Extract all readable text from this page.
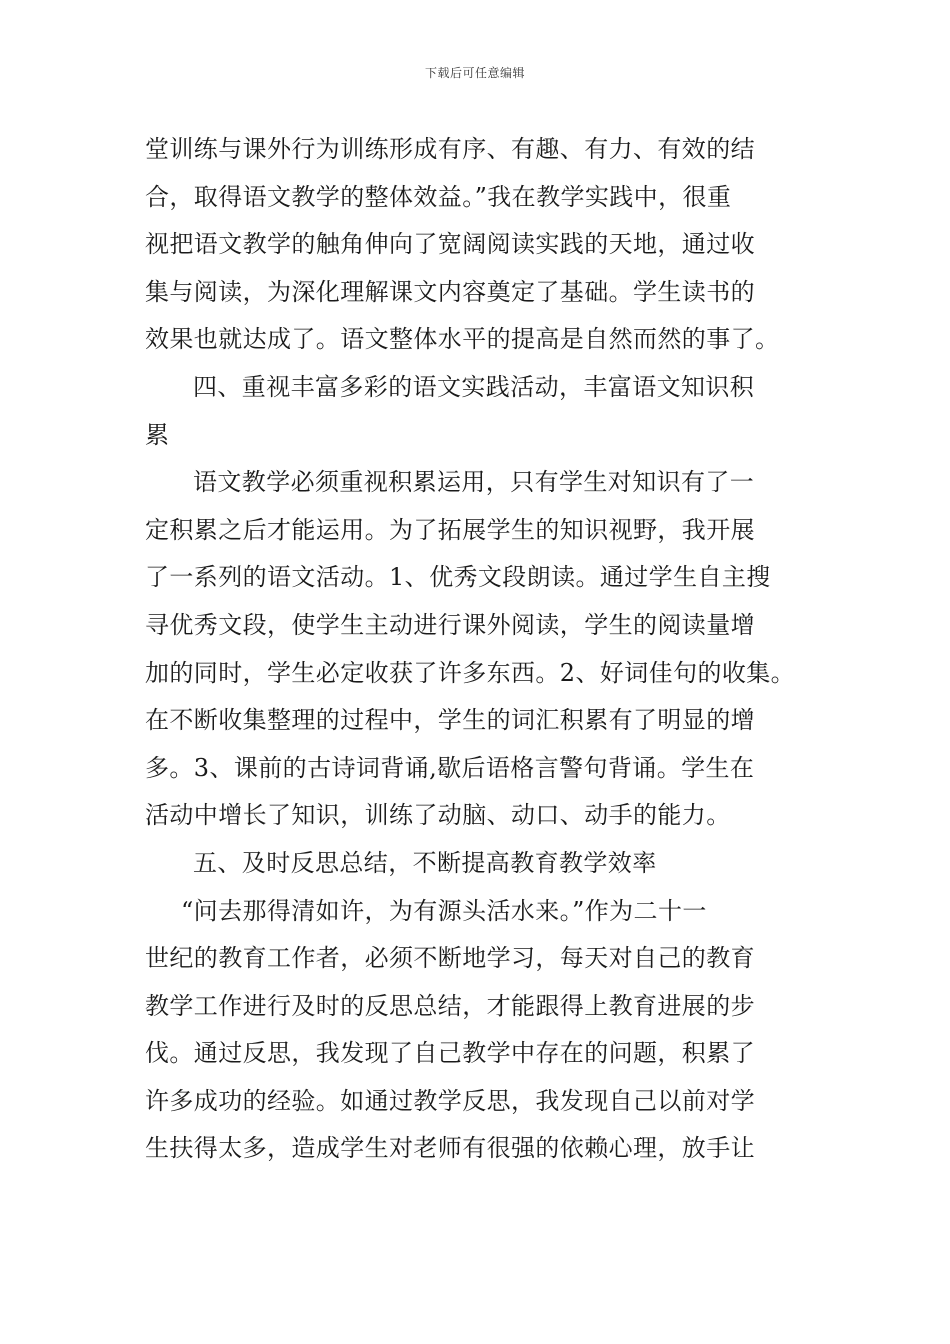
下载后可任意编辑
堂训练与课外行为训练形成有序、有趣、有力、有效的结
合，取得语文教学的整体效益。”我在教学实践中，很重
视把语文教学的触角伸向了宽阔阅读实践的天地，通过收
集与阅读，为深化理解课文内容奠定了基础。学生读书的
效果也就达成了。语文整体水平的提高是自然而然的事了。
四、重视丰富多彩的语文实践活动，丰富语文知识积
累
语文教学必须重视积累运用，只有学生对知识有了一
定积累之后才能运用。为了拓展学生的知识视野，我开展
了一系列的语文活动。1、优秀文段朗读。通过学生自主搜
寻优秀文段，使学生主动进行课外阅读，学生的阅读量增
加的同时，学生必定收获了许多东西。2、好词佳句的收集。
在不断收集整理的过程中，学生的词汇积累有了明显的增
多。3、课前的古诗词背诵,歇后语格言警句背诵。学生在
活动中增长了知识，训练了动脑、动口、动手的能力。
五、及时反思总结，不断提高教育教学效率
“问去那得清如许，为有源头活水来。”作为二十一
世纪的教育工作者，必须不断地学习，每天对自己的教育
教学工作进行及时的反思总结，才能跟得上教育进展的步
伐。通过反思，我发现了自己教学中存在的问题，积累了
许多成功的经验。如通过教学反思，我发现自己以前对学
生扶得太多，造成学生对老师有很强的依赖心理，放手让
